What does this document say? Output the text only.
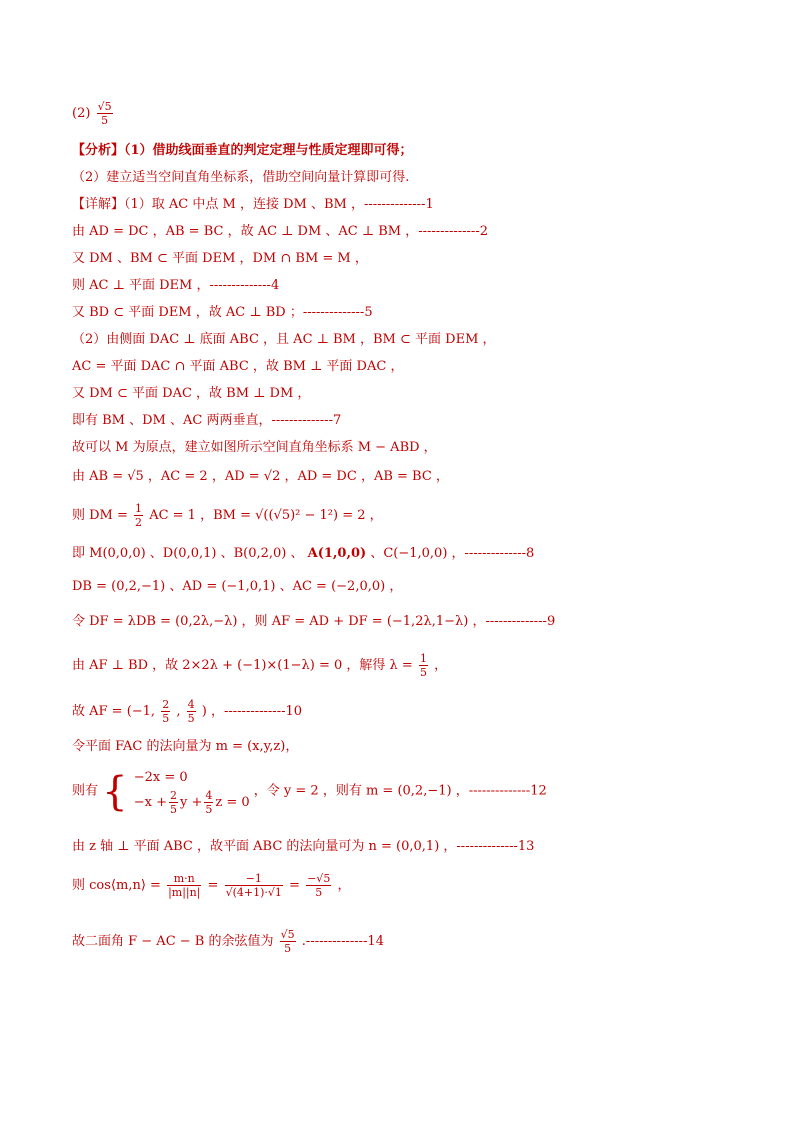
$(2) \frac{√5}{5}$
【分析】（1）借助线面垂直的判定定理与性质定理即可得；
（2）建立适当空间直角坐标系，借助空间向量计算即可得.
【详解】（1）取 AC 中点 M ，连接 DM 、BM ，--------------1
由 AD = DC ，AB = BC ，故 AC ⊥ DM 、AC ⊥ BM ，--------------2
又 DM 、BM ⊂ 平面 DEM ，DM ∩ BM = M ，
则 AC ⊥ 平面 DEM ，--------------4
又 BD ⊂ 平面 DEM ，故 AC ⊥ BD ；--------------5
（2）由侧面 DAC ⊥ 底面 ABC ，且 AC ⊥ BM ，BM ⊂ 平面 DEM ，
AC = 平面 DAC ∩ 平面 ABC ，故 BM ⊥ 平面 DAC ，
又 DM ⊂ 平面 DAC ，故 BM ⊥ DM ，
即有 BM 、DM 、AC 两两垂直，--------------7
故可以 M 为原点，建立如图所示空间直角坐标系 M − ABD ，
由 AB = √5 ，AC = 2 ，AD = √2 ，AD = DC ，AB = BC ，
则 DM = $\frac{1}{2}$ AC = 1 ，BM = √((√5)² − 1²) = 2 ，
即 M(0,0,0) 、D(0,0,1) 、B(0,2,0) 、 A(1,0,0) 、C(−1,0,0) ，--------------8
DB = (0,2,−1) 、AD = (−1,0,1) 、AC = (−2,0,0) ，
令 DF = λDB = (0,2λ,−λ) ，则 AF = AD + DF = (−1,2λ,1−λ) ，--------------9
由 AF ⊥ BD ，故 2×2λ + (−1)×(1−λ) = 0 ，解得 $\lambda = \frac{1}{5}$ ，
故 AF = (−1, $\frac{2}{5}$ , $\frac{4}{5}$ ) ，--------------10
令平面 FAC 的法向量为 m = (x,y,z)，
则有 { −2x = 0
$-x + \frac{2}{5}$ $y + \frac{4}{5}$ z = 0 ，令 y = 2 ，则有 m = (0,2,−1) ，--------------12
由 z 轴 ⊥ 平面 ABC ，故平面 ABC 的法向量可为 n = (0,0,1) ，--------------13
则 cos⟨m,n⟩ = $\frac{m\cdot n}{|m||n|} = \frac{-1}{√(4+1)\cdot√1} = \frac{-√5}{5}$ ，
故二面角 F − AC − B 的余弦值为 $\frac{√5}{5} .--------------14$
